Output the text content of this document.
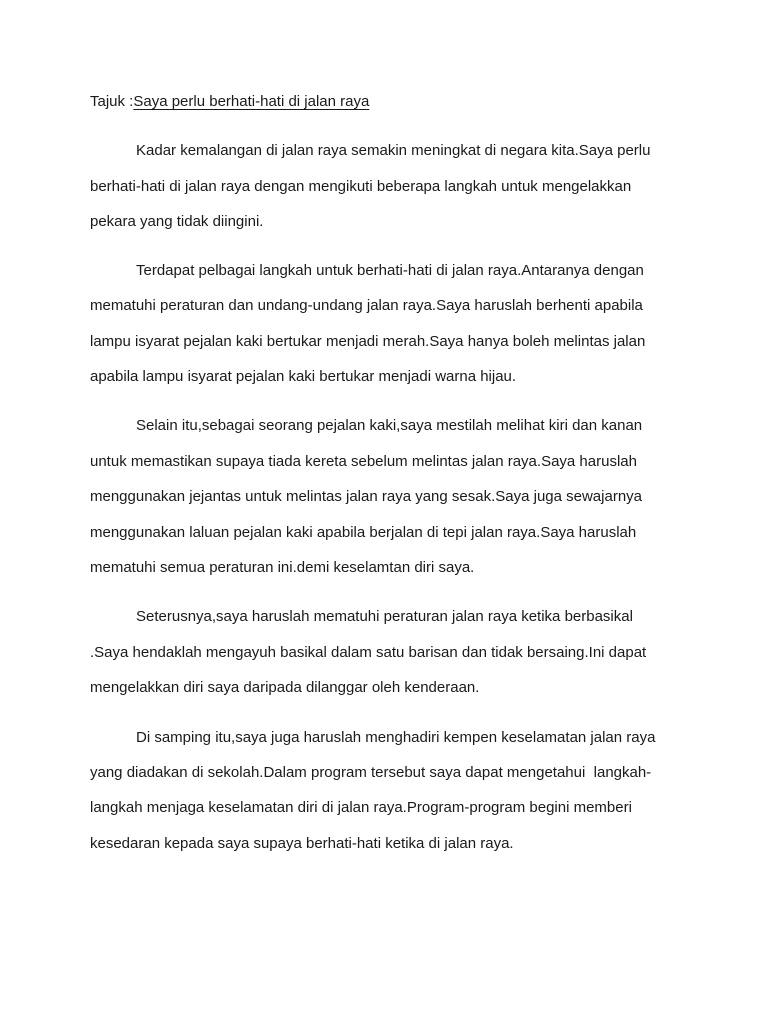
Tajuk :Saya perlu berhati-hati di jalan raya
Kadar kemalangan di jalan raya semakin meningkat di negara kita.Saya perlu
berhati-hati di jalan raya dengan mengikuti beberapa langkah untuk mengelakkan
pekara yang tidak diingini.
Terdapat pelbagai langkah untuk berhati-hati di jalan raya.Antaranya dengan
mematuhi peraturan dan undang-undang jalan raya.Saya haruslah berhenti apabila
lampu isyarat pejalan kaki bertukar menjadi merah.Saya hanya boleh melintas jalan
apabila lampu isyarat pejalan kaki bertukar menjadi warna hijau.
Selain itu,sebagai seorang pejalan kaki,saya mestilah melihat kiri dan kanan
untuk memastikan supaya tiada kereta sebelum melintas jalan raya.Saya haruslah
menggunakan jejantas untuk melintas jalan raya yang sesak.Saya juga sewajarnya
menggunakan laluan pejalan kaki apabila berjalan di tepi jalan raya.Saya haruslah
mematuhi semua peraturan ini.demi keselamtan diri saya.
Seterusnya,saya haruslah mematuhi peraturan jalan raya ketika berbasikal
.Saya hendaklah mengayuh basikal dalam satu barisan dan tidak bersaing.Ini dapat
mengelakkan diri saya daripada dilanggar oleh kenderaan.
Di samping itu,saya juga haruslah menghadiri kempen keselamatan jalan raya
yang diadakan di sekolah.Dalam program tersebut saya dapat mengetahui  langkah-
langkah menjaga keselamatan diri di jalan raya.Program-program begini memberi
kesedaran kepada saya supaya berhati-hati ketika di jalan raya.
